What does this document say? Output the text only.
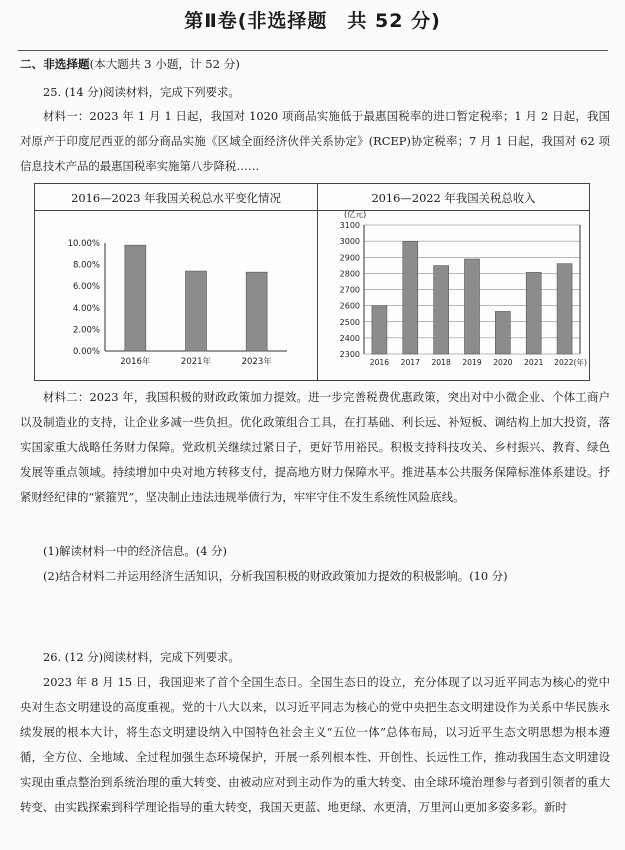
第Ⅱ卷(非选择题　共 52 分)
二、非选择题(本大题共 3 小题，计 52 分)
25. (14 分)阅读材料，完成下列要求。
材料一：2023 年 1 月 1 日起，我国对 1020 项商品实施低于最惠国税率的进口暂定税率；1 月 2 日起，我国对原产于印度尼西亚的部分商品实施《区域全面经济伙伴关系协定》(RCEP)协定税率；7 月 1 日起，我国对 62 项信息技术产品的最惠国税率实施第八步降税……
2016—2023 年我国关税总水平变化情况	2016—2022 年我国关税总收入
10.00%
8.00%
6.00%
4.00%
2.00%
0.00%
2016年	2021年	2023年
(亿元)
3100
3000
2900
2800
2700
2600
2500
2400
2300
2016 2017 2018 2019 2020 2021 2022(年)
材料二：2023 年，我国积极的财政政策加力提效。进一步完善税费优惠政策，突出对中小微企业、个体工商户以及制造业的支持，让企业多减一些负担。优化政策组合工具，在打基础、利长远、补短板、调结构上加大投资，落实国家重大战略任务财力保障。党政机关继续过紧日子，更好节用裕民。积极支持科技攻关、乡村振兴、教育、绿色发展等重点领域。持续增加中央对地方转移支付，提高地方财力保障水平。推进基本公共服务保障标准体系建设。抒紧财经纪律的“紧箍咒”，坚决制止违法违规举债行为，牢牢守住不发生系统性风险底线。
(1)解读材料一中的经济信息。(4 分)
(2)结合材料二并运用经济生活知识，分析我国积极的财政政策加力提效的积极影响。(10 分)
26. (12 分)阅读材料，完成下列要求。
2023 年 8 月 15 日，我国迎来了首个全国生态日。全国生态日的设立，充分体现了以习近平同志为核心的党中央对生态文明建设的高度重视。党的十八大以来，以习近平同志为核心的党中央把生态文明建设作为关系中华民族永续发展的根本大计，将生态文明建设纳入中国特色社会主义“五位一体”总体布局，以习近平生态文明思想为根本遵循，全方位、全地域、全过程加强生态环境保护，开展一系列根本性、开创性、长远性工作，推动我国生态文明建设实现由重点整治到系统治理的重大转变、由被动应对到主动作为的重大转变、由全球环境治理参与者到引领者的重大转变、由实践探索到科学理论指导的重大转变，我国天更蓝、地更绿、水更清，万里河山更加多姿多彩。新时
